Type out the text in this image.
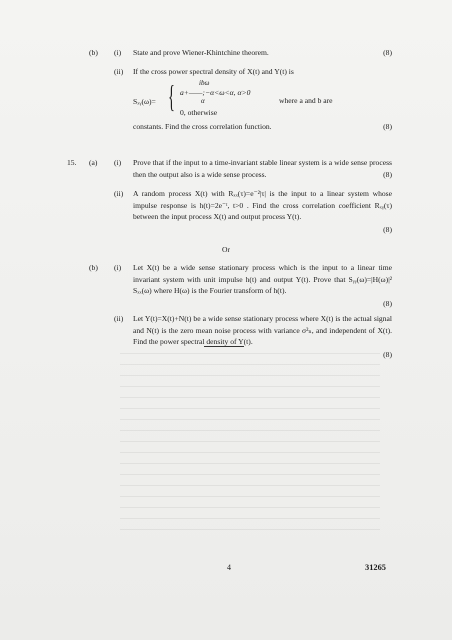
(b) (i) State and prove Wiener-Khintchine theorem.	(8)
(ii) If the cross power spectral density of X(t) and Y(t) is
Sₓᵧ(ω)= {	ibω
a+——;−α<ω<α, α>0
α
0, otherwise
where a and b are
constants. Find the cross correlation function.	(8)
15. (a) (i) Prove that if the input to a time-invariant stable linear system is a wide sense process then the output also is a wide sense process.	(8)
(ii) A random process X(t) with Rₓₓ(τ)=e⁻²|τ| is the input to a linear system whose impulse response is h(t)=2e⁻ᵗ, t>0 . Find the cross correlation coefficient Rₓᵧ(τ) between the input process X(t) and output process Y(t).
(8)
Or
(b) (i) Let X(t) be a wide sense stationary process which is the input to a linear time invariant system with unit impulse h(t) and output Y(t). Prove that Sᵧᵧ(ω)=|H(ω)|² Sₓₓ(ω) where H(ω) is the Fourier transform of h(t).
(8)
(ii) Let Y(t)=X(t)+N(t) be a wide sense stationary process where X(t) is the actual signal and N(t) is the zero mean noise process with variance σ²ₙ, and independent of X(t). Find the power spectral density of Y(t).
(8)
4	31265
